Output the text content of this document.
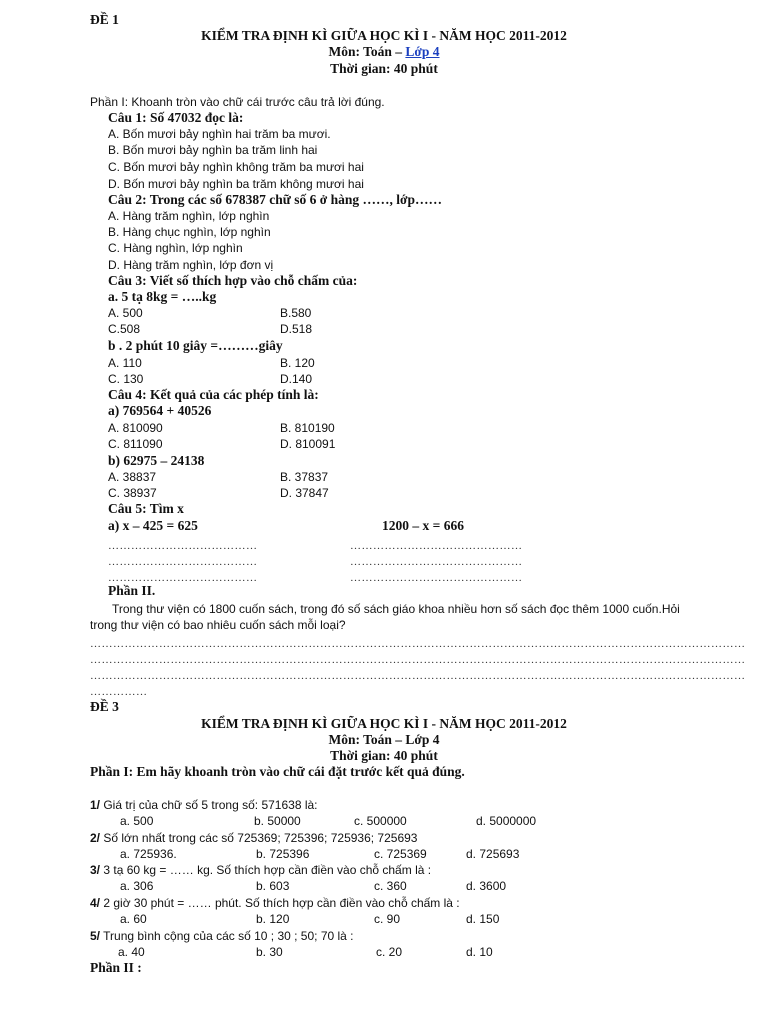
ĐỀ 1
KIỂM TRA ĐỊNH KÌ GIỮA HỌC KÌ I - NĂM HỌC 2011-2012
Môn: Toán – Lớp 4
Thời gian: 40 phút
Phần I: Khoanh tròn vào chữ cái trước câu trả lời đúng.
Câu 1: Số 47032 đọc là:
A. Bốn mươi bảy nghìn hai trăm ba mươi.
B. Bốn mươi bảy nghìn ba trăm linh hai
C. Bốn mươi bảy nghìn không trăm ba mươi hai
D. Bốn mươi bảy nghìn ba trăm không mươi hai
Câu 2: Trong các số 678387 chữ số 6 ở hàng ……, lớp……
A. Hàng trăm nghìn, lớp nghìn
B. Hàng chục nghìn, lớp nghìn
C. Hàng nghìn, lớp nghìn
D. Hàng trăm nghìn, lớp đơn vị
Câu 3: Viết số thích hợp vào chỗ chấm của:
a. 5 tạ 8kg = …..kg
A. 500	B.580
C.508	D.518
b . 2 phút 10 giây =………giây
A. 110	B. 120
C. 130	D.140
Câu 4: Kết quả của các phép tính là:
a) 769564 + 40526
A. 810090	B. 810190
C. 811090	D. 810091
b) 62975 – 24138
A. 38837	B. 37837
C. 38937	D. 37847
Câu 5: Tìm x
a) x – 425 = 625	1200 – x = 666
…………………………………	………………………………………
…………………………………	………………………………………
…………………………………	………………………………………
Phần II.
Trong thư viện có 1800 cuốn sách, trong đó số sách giáo khoa nhiều hơn số sách đọc thêm 1000 cuốn.Hỏi
trong thư viện có bao nhiêu cuốn sách mỗi loại?
………………………………………………………………………………………………………………………………………………………
………………………………………………………………………………………………………………………………………………………
………………………………………………………………………………………………………………………………………………………
……………
ĐỀ 3
KIỂM TRA ĐỊNH KÌ GIỮA HỌC KÌ I - NĂM HỌC 2011-2012
Môn: Toán – Lớp 4
Thời gian: 40 phút
Phần I: Em hãy khoanh tròn vào chữ cái đặt trước kết quả đúng.
1/ Giá trị của chữ số 5 trong số: 571638 là:
a. 500	b. 50000	c. 500000	d. 5000000
2/ Số lớn nhất trong các số 725369; 725396; 725936; 725693
a. 725936.	b. 725396	c. 725369	d. 725693
3/ 3 tạ 60 kg = …… kg. Số thích hợp cần điền vào chỗ chấm là :
a. 306	b. 603	c. 360	d. 3600
4/ 2 giờ 30 phút = …… phút. Số thích hợp cần điền vào chỗ chấm là :
a. 60	b. 120	c. 90	d. 150
5/ Trung bình cộng của các số 10 ; 30 ; 50; 70 là :
a. 40	b. 30	c. 20	d. 10
Phần II :
